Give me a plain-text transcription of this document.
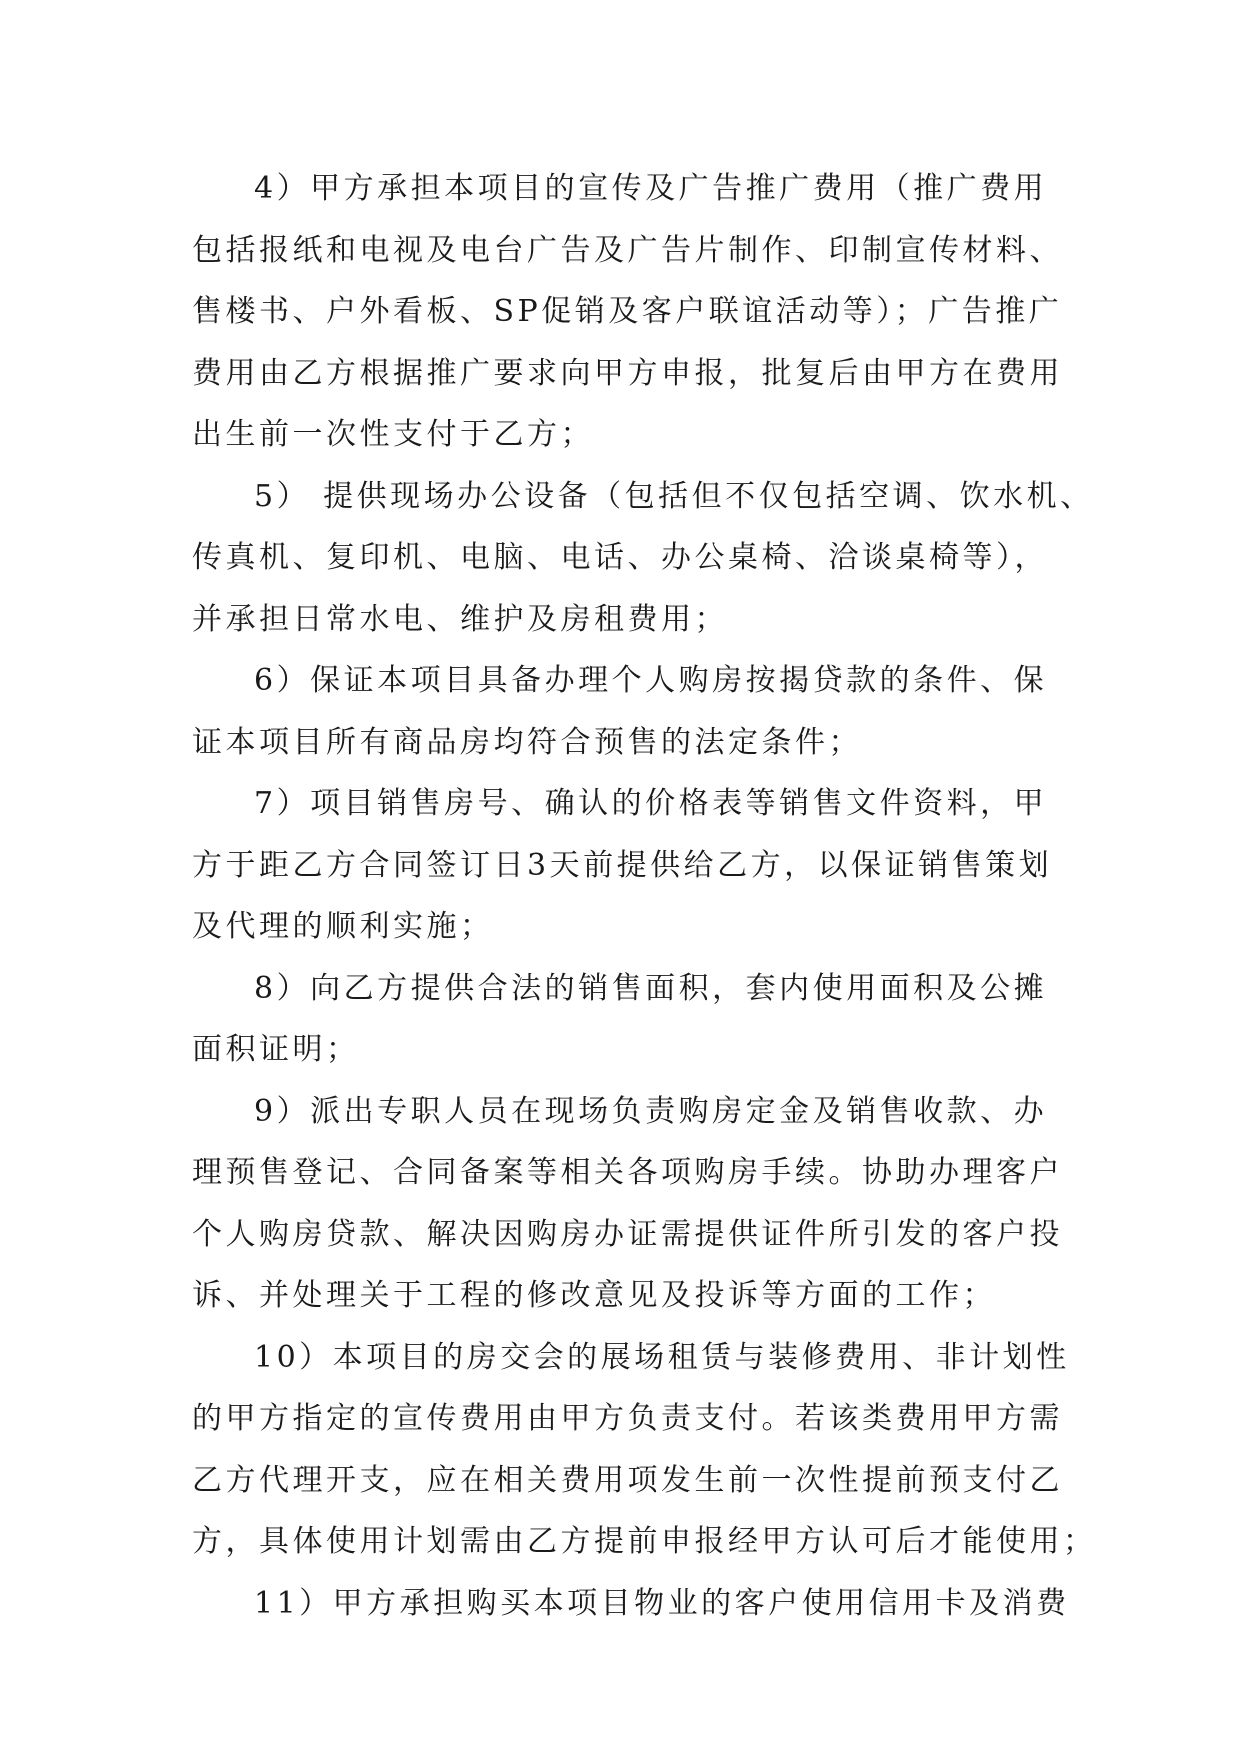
4）甲方承担本项目的宣传及广告推广费用（推广费用
包括报纸和电视及电台广告及广告片制作、印制宣传材料、
售楼书、户外看板、SP促销及客户联谊活动等）；广告推广
费用由乙方根据推广要求向甲方申报，批复后由甲方在费用
出生前一次性支付于乙方；

5） 提供现场办公设备（包括但不仅包括空调、饮水机、
传真机、复印机、电脑、电话、办公桌椅、洽谈桌椅等），
并承担日常水电、维护及房租费用；

6）保证本项目具备办理个人购房按揭贷款的条件、保
证本项目所有商品房均符合预售的法定条件；

7）项目销售房号、确认的价格表等销售文件资料，甲
方于距乙方合同签订日3天前提供给乙方，以保证销售策划
及代理的顺利实施；

8）向乙方提供合法的销售面积，套内使用面积及公摊
面积证明；

9）派出专职人员在现场负责购房定金及销售收款、办
理预售登记、合同备案等相关各项购房手续。协助办理客户
个人购房贷款、解决因购房办证需提供证件所引发的客户投
诉、并处理关于工程的修改意见及投诉等方面的工作；

10）本项目的房交会的展场租赁与装修费用、非计划性
的甲方指定的宣传费用由甲方负责支付。若该类费用甲方需
乙方代理开支，应在相关费用项发生前一次性提前预支付乙
方，具体使用计划需由乙方提前申报经甲方认可后才能使用；

11）甲方承担购买本项目物业的客户使用信用卡及消费
